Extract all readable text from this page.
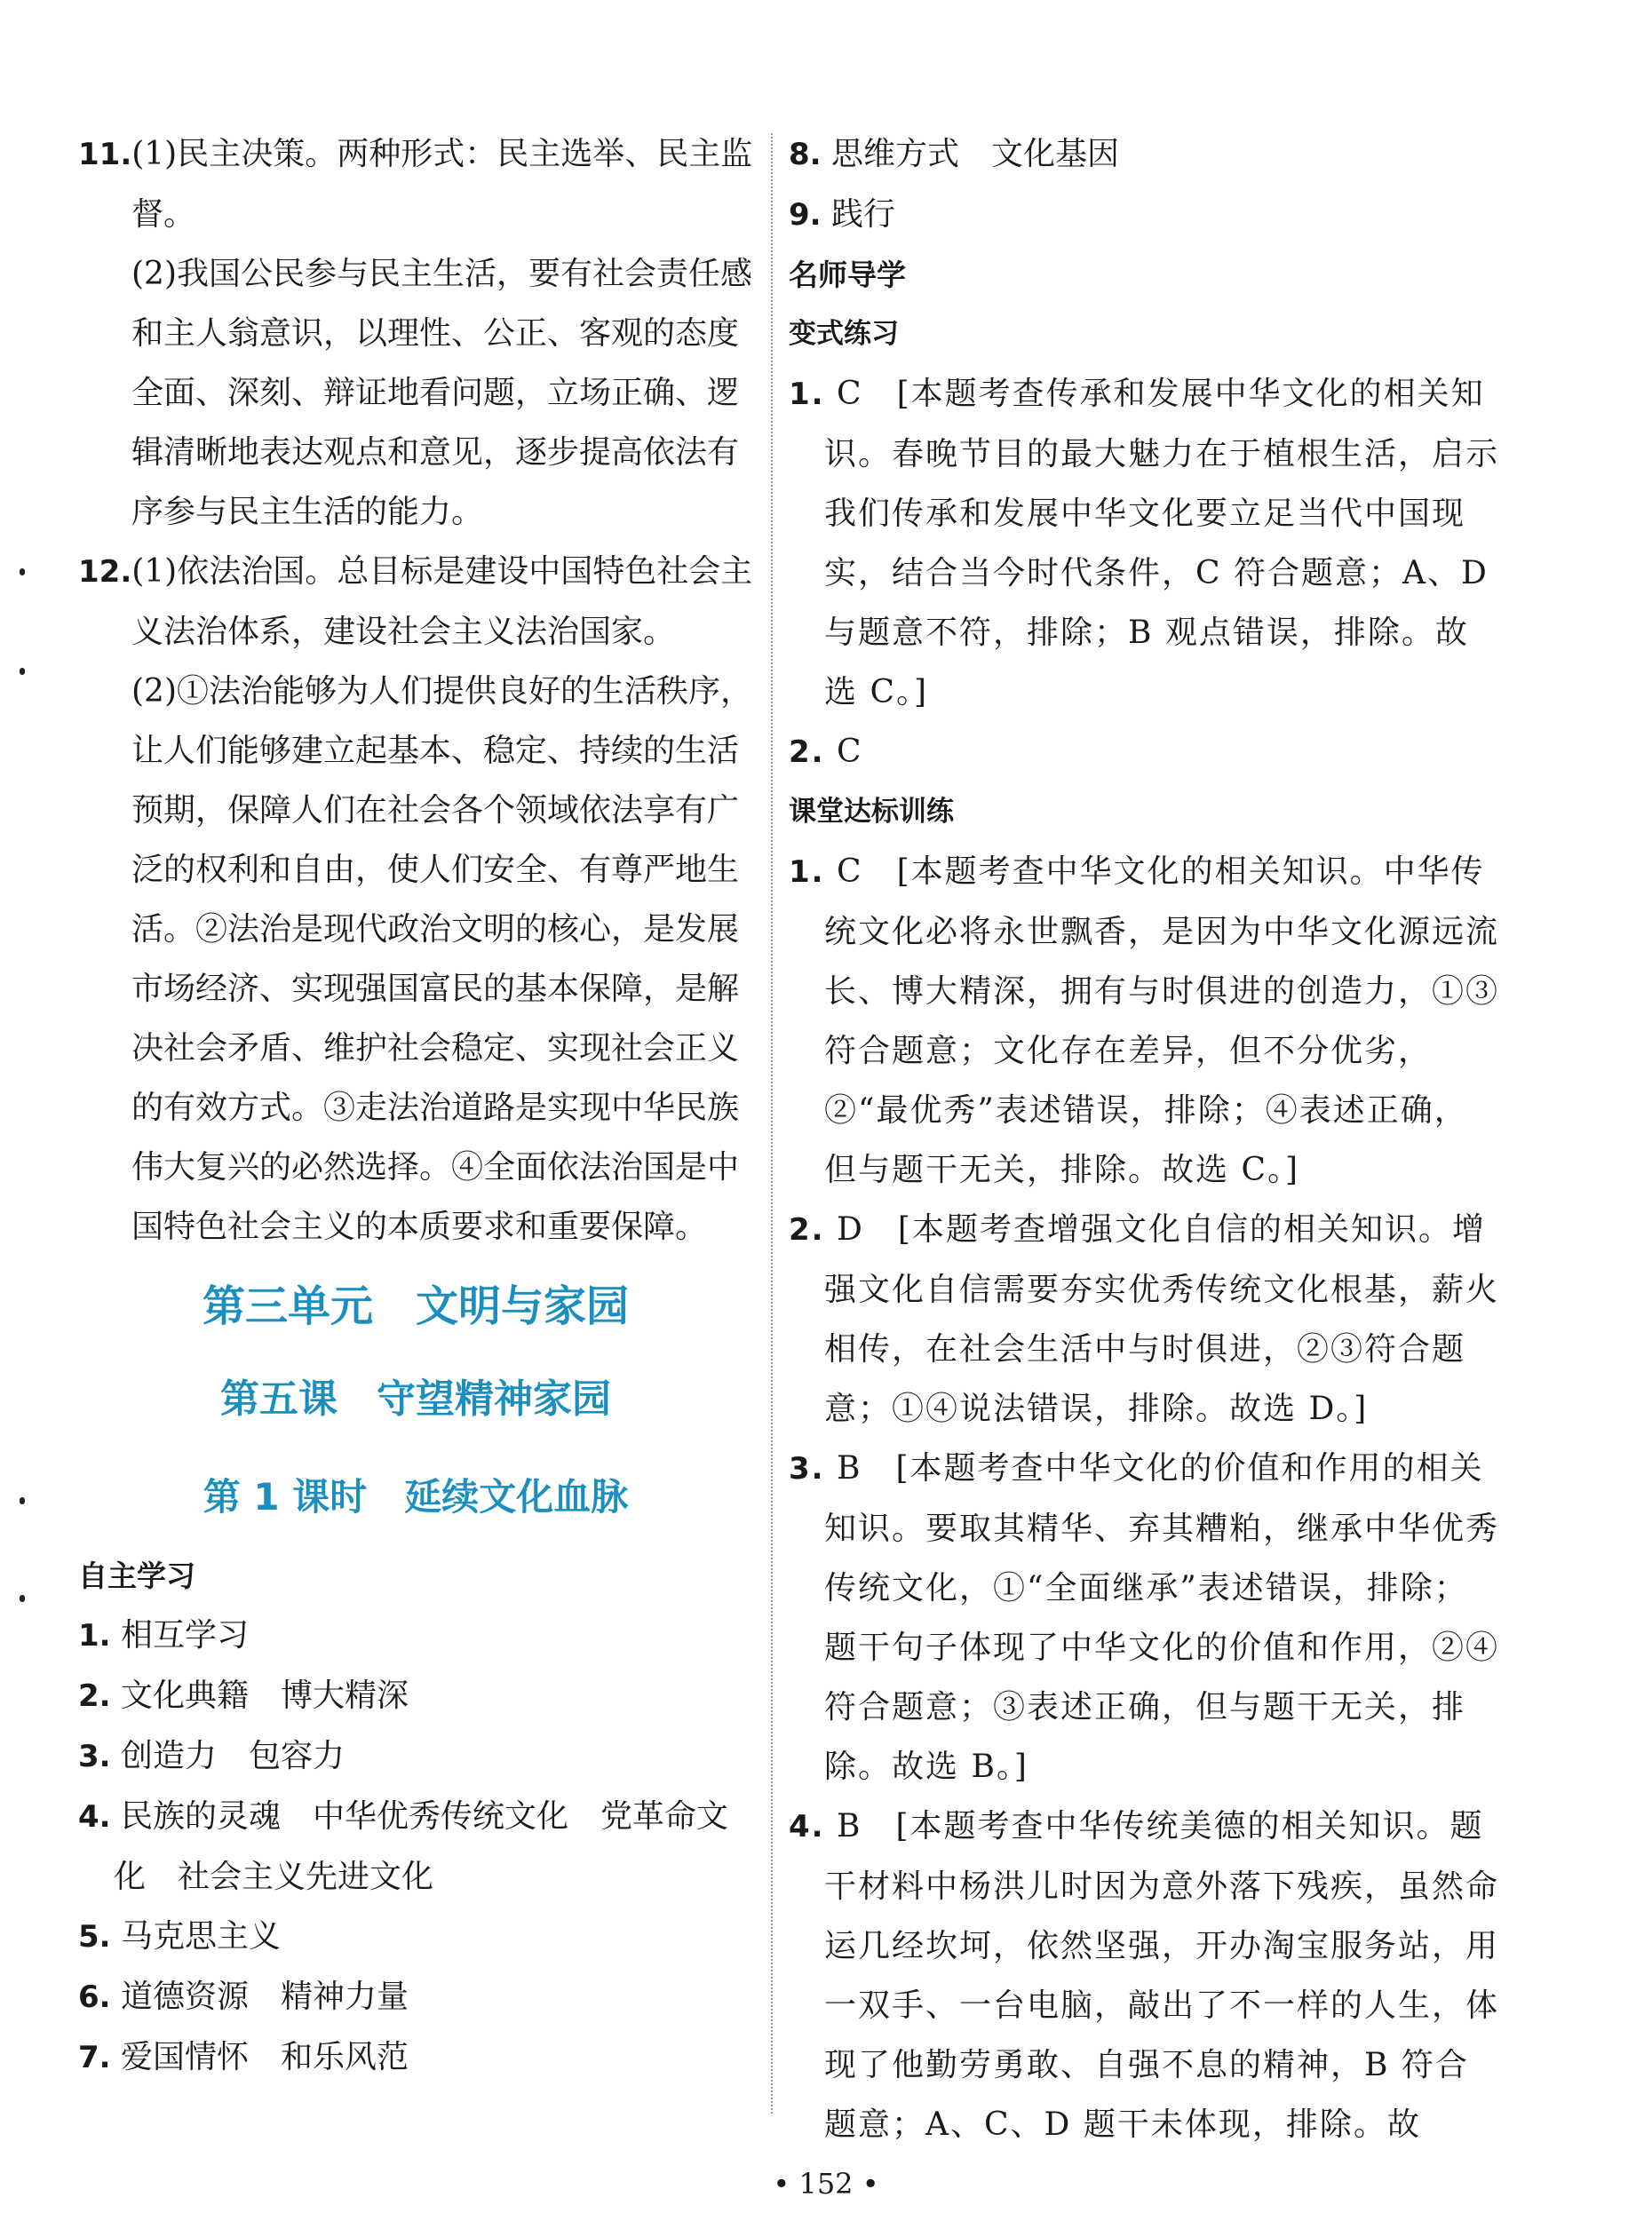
11.(1)民主决策。两种形式：民主选举、民主监督。

(2)我国公民参与民主生活，要有社会责任感和主人翁意识，以理性、公正、客观的态度全面、深刻、辩证地看问题，立场正确、逻辑清晰地表达观点和意见，逐步提高依法有序参与民主生活的能力。

12.(1)依法治国。总目标是建设中国特色社会主义法治体系，建设社会主义法治国家。

(2)①法治能够为人们提供良好的生活秩序，让人们能够建立起基本、稳定、持续的生活预期，保障人们在社会各个领域依法享有广泛的权利和自由，使人们安全、有尊严地生活。②法治是现代政治文明的核心，是发展市场经济、实现强国富民的基本保障，是解决社会矛盾、维护社会稳定、实现社会正义的有效方式。③走法治道路是实现中华民族伟大复兴的必然选择。④全面依法治国是中国特色社会主义的本质要求和重要保障。

第三单元　文明与家园

第五课　守望精神家园

第 1 课时　延续文化血脉

自主学习

1. 相互学习

2. 文化典籍　博大精深

3. 创造力　包容力

4. 民族的灵魂　中华优秀传统文化　党革命文化　社会主义先进文化

5. 马克思主义

6. 道德资源　精神力量

7. 爱国情怀　和乐风范

8. 思维方式　文化基因

9. 践行

名师导学

变式练习

1. C　[本题考查传承和发展中华文化的相关知识。春晚节目的最大魅力在于植根生活，启示我们传承和发展中华文化要立足当代中国现实，结合当今时代条件，C 符合题意；A、D 与题意不符，排除；B 观点错误，排除。故选 C。]

2. C

课堂达标训练

1. C　[本题考查中华文化的相关知识。中华传统文化必将永世飘香，是因为中华文化源远流长、博大精深，拥有与时俱进的创造力，①③符合题意；文化存在差异，但不分优劣，②“最优秀”表述错误，排除；④表述正确，但与题干无关，排除。故选 C。]

2. D　[本题考查增强文化自信的相关知识。增强文化自信需要夯实优秀传统文化根基，薪火相传，在社会生活中与时俱进，②③符合题意；①④说法错误，排除。故选 D。]

3. B　[本题考查中华文化的价值和作用的相关知识。要取其精华、弃其糟粕，继承中华优秀传统文化，①“全面继承”表述错误，排除；题干句子体现了中华文化的价值和作用，②④符合题意；③表述正确，但与题干无关，排除。故选 B。]

4. B　[本题考查中华传统美德的相关知识。题干材料中杨洪儿时因为意外落下残疾，虽然命运几经坎坷，依然坚强，开办淘宝服务站，用一双手、一台电脑，敲出了不一样的人生，体现了他勤劳勇敢、自强不息的精神，B 符合题意；A、C、D 题干未体现，排除。故

• 152 •
